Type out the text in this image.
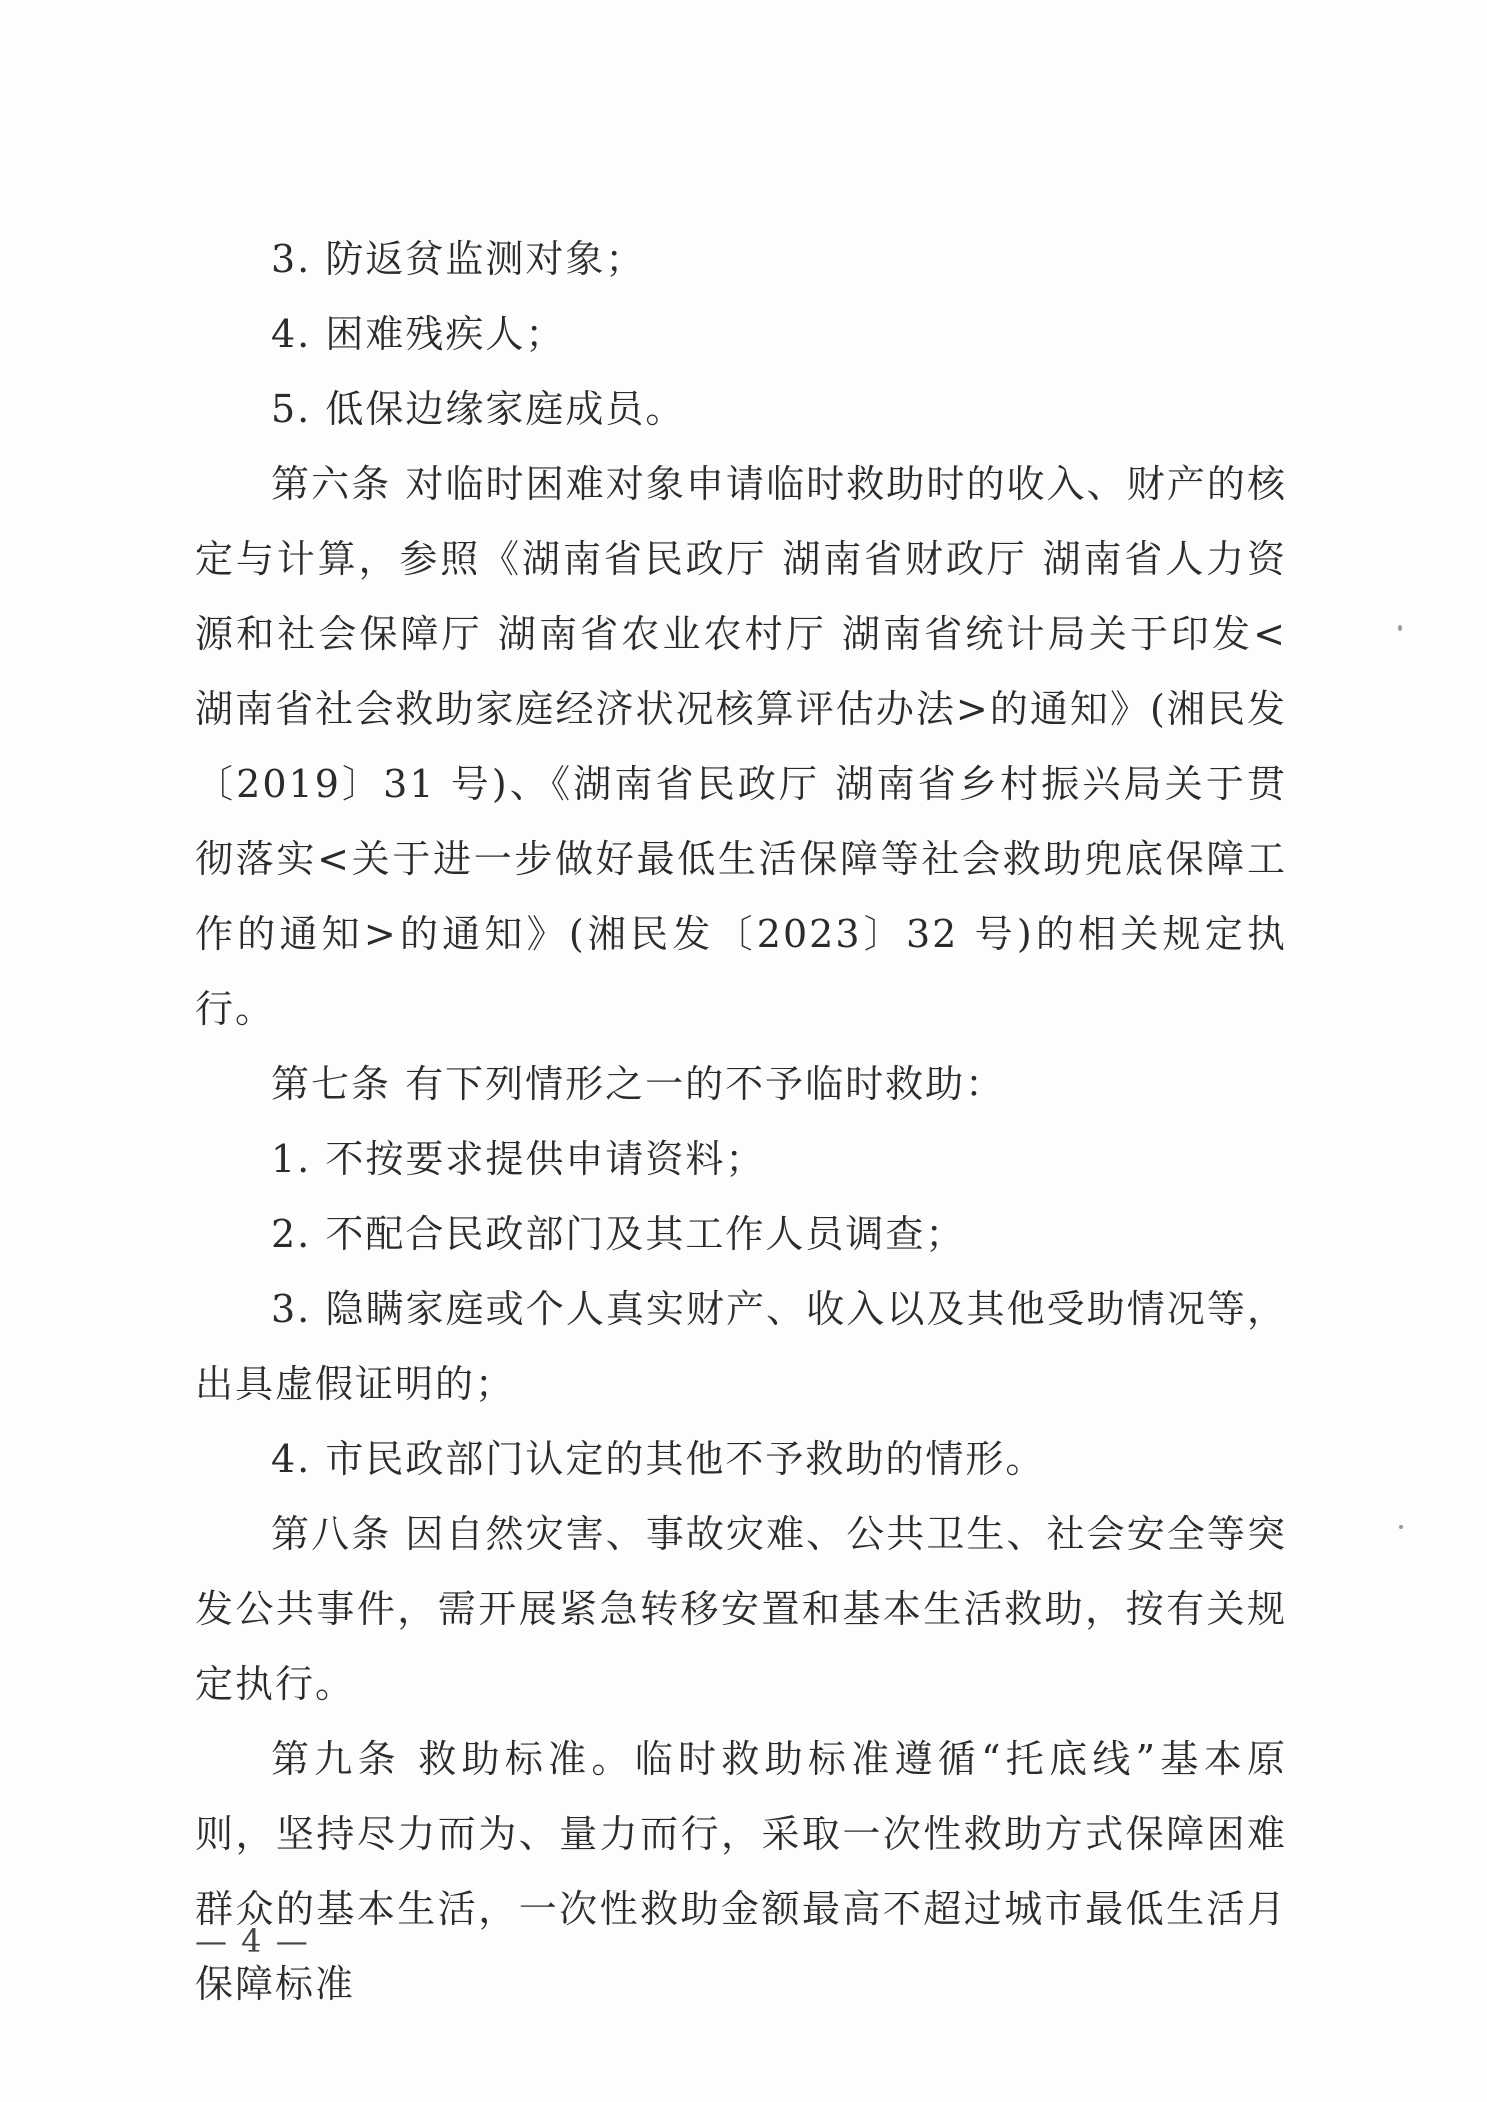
3. 防返贫监测对象；

4. 困难残疾人；

5. 低保边缘家庭成员。

第六条 对临时困难对象申请临时救助时的收入、财产的核定与计算，参照《湖南省民政厅 湖南省财政厅 湖南省人力资源和社会保障厅 湖南省农业农村厅 湖南省统计局关于印发<湖南省社会救助家庭经济状况核算评估办法>的通知》(湘民发〔2019〕31 号)、《湖南省民政厅 湖南省乡村振兴局关于贯彻落实<关于进一步做好最低生活保障等社会救助兜底保障工作的通知>的通知》(湘民发〔2023〕32 号)的相关规定执行。

第七条 有下列情形之一的不予临时救助：

1. 不按要求提供申请资料；

2. 不配合民政部门及其工作人员调查；

3. 隐瞒家庭或个人真实财产、收入以及其他受助情况等，出具虚假证明的；

4. 市民政部门认定的其他不予救助的情形。

第八条 因自然灾害、事故灾难、公共卫生、社会安全等突发公共事件，需开展紧急转移安置和基本生活救助，按有关规定执行。

第九条 救助标准。临时救助标准遵循“托底线”基本原则，坚持尽力而为、量力而行，采取一次性救助方式保障困难群众的基本生活，一次性救助金额最高不超过城市最低生活月保障标准

— 4 —
